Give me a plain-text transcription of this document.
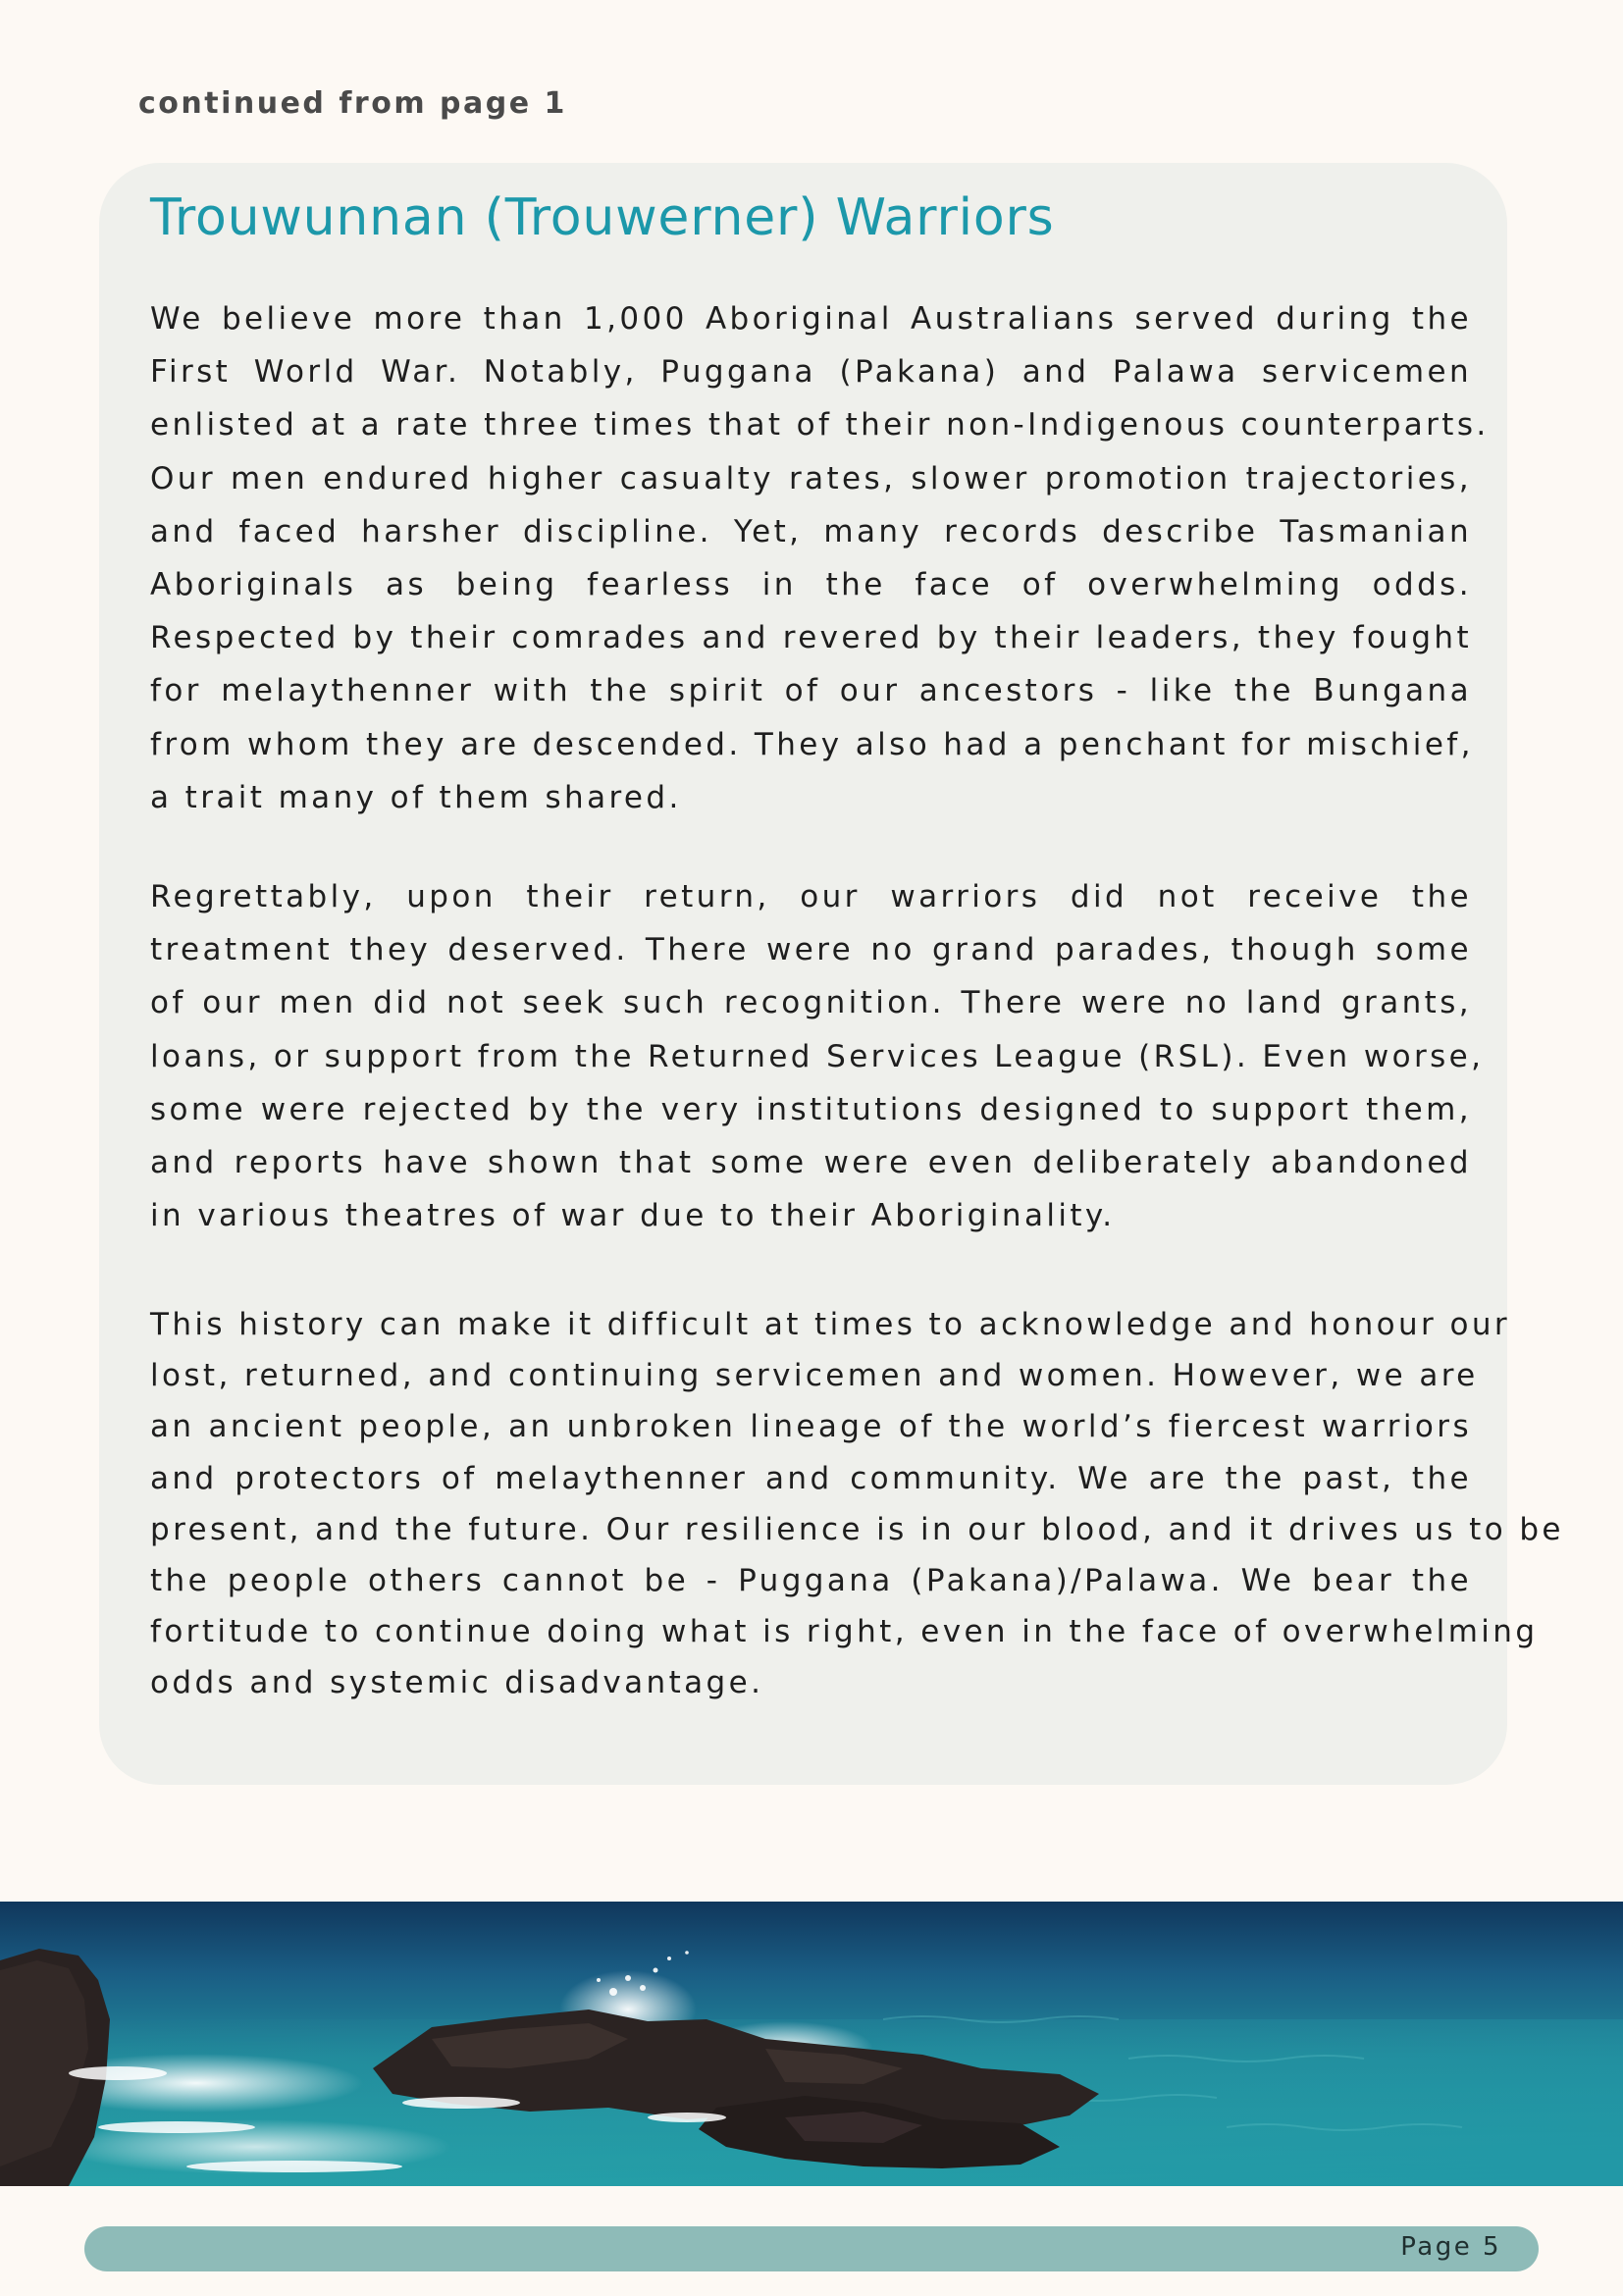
continued from page 1
Trouwunnan (Trouwerner) Warriors

We believe more than 1,000 Aboriginal Australians served during the
First World War. Notably, Puggana (Pakana) and Palawa servicemen
enlisted at a rate three times that of their non-Indigenous counterparts.
Our men endured higher casualty rates, slower promotion trajectories,
and faced harsher discipline. Yet, many records describe Tasmanian
Aboriginals as being fearless in the face of overwhelming odds.
Respected by their comrades and revered by their leaders, they fought
for melaythenner with the spirit of our ancestors - like the Bungana
from whom they are descended. They also had a penchant for mischief,
a trait many of them shared.

Regrettably, upon their return, our warriors did not receive the
treatment they deserved. There were no grand parades, though some
of our men did not seek such recognition. There were no land grants,
loans, or support from the Returned Services League (RSL). Even worse,
some were rejected by the very institutions designed to support them,
and reports have shown that some were even deliberately abandoned
in various theatres of war due to their Aboriginality.

This history can make it difficult at times to acknowledge and honour our
lost, returned, and continuing servicemen and women. However, we are
an ancient people, an unbroken lineage of the world’s fiercest warriors
and protectors of melaythenner and community. We are the past, the
present, and the future. Our resilience is in our blood, and it drives us to be
the people others cannot be - Puggana (Pakana)/Palawa. We bear the
fortitude to continue doing what is right, even in the face of overwhelming
odds and systemic disadvantage.

Page 5
